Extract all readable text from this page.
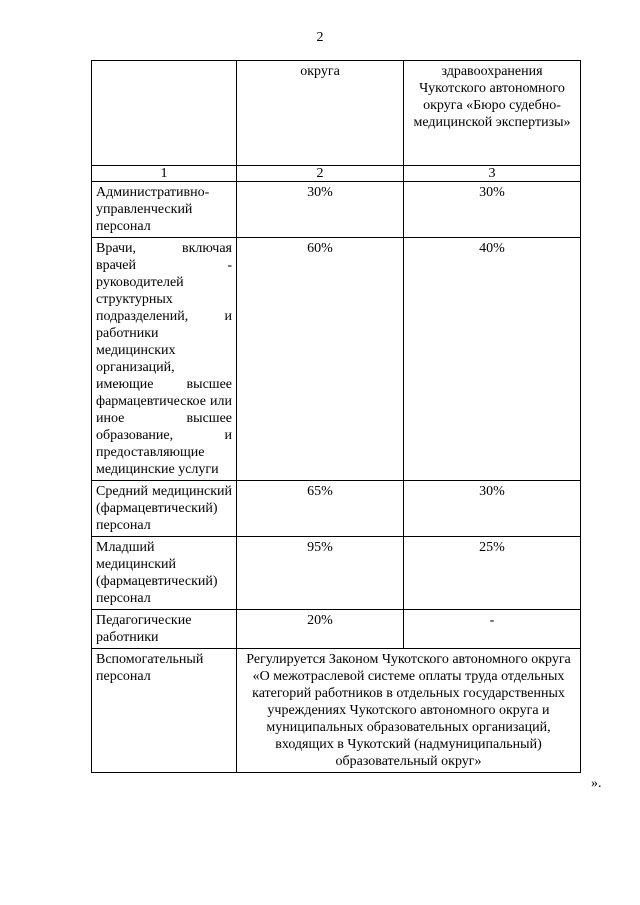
2
	округа	здравоохранения Чукотского автономного округа «Бюро судебно-медицинской экспертизы»
1	2	3
Административно-управленческий персонал	30%	30%
Врачи, включая врачей - руководителей структурных подразделений, и работники медицинских организаций, имеющие высшее фармацевтическое или иное высшее образование, и предоставляющие медицинские услуги	60%	40%
Средний медицинский (фармацевтический) персонал	65%	30%
Младший медицинский (фармацевтический) персонал	95%	25%
Педагогические работники	20%	-
Вспомогательный персонал	Регулируется Законом Чукотского автономного округа «О межотраслевой системе оплаты труда отдельных категорий работников в отдельных государственных учреждениях Чукотского автономного округа и муниципальных образовательных организаций, входящих в Чукотский (надмуниципальный) образовательный округ»	
».
